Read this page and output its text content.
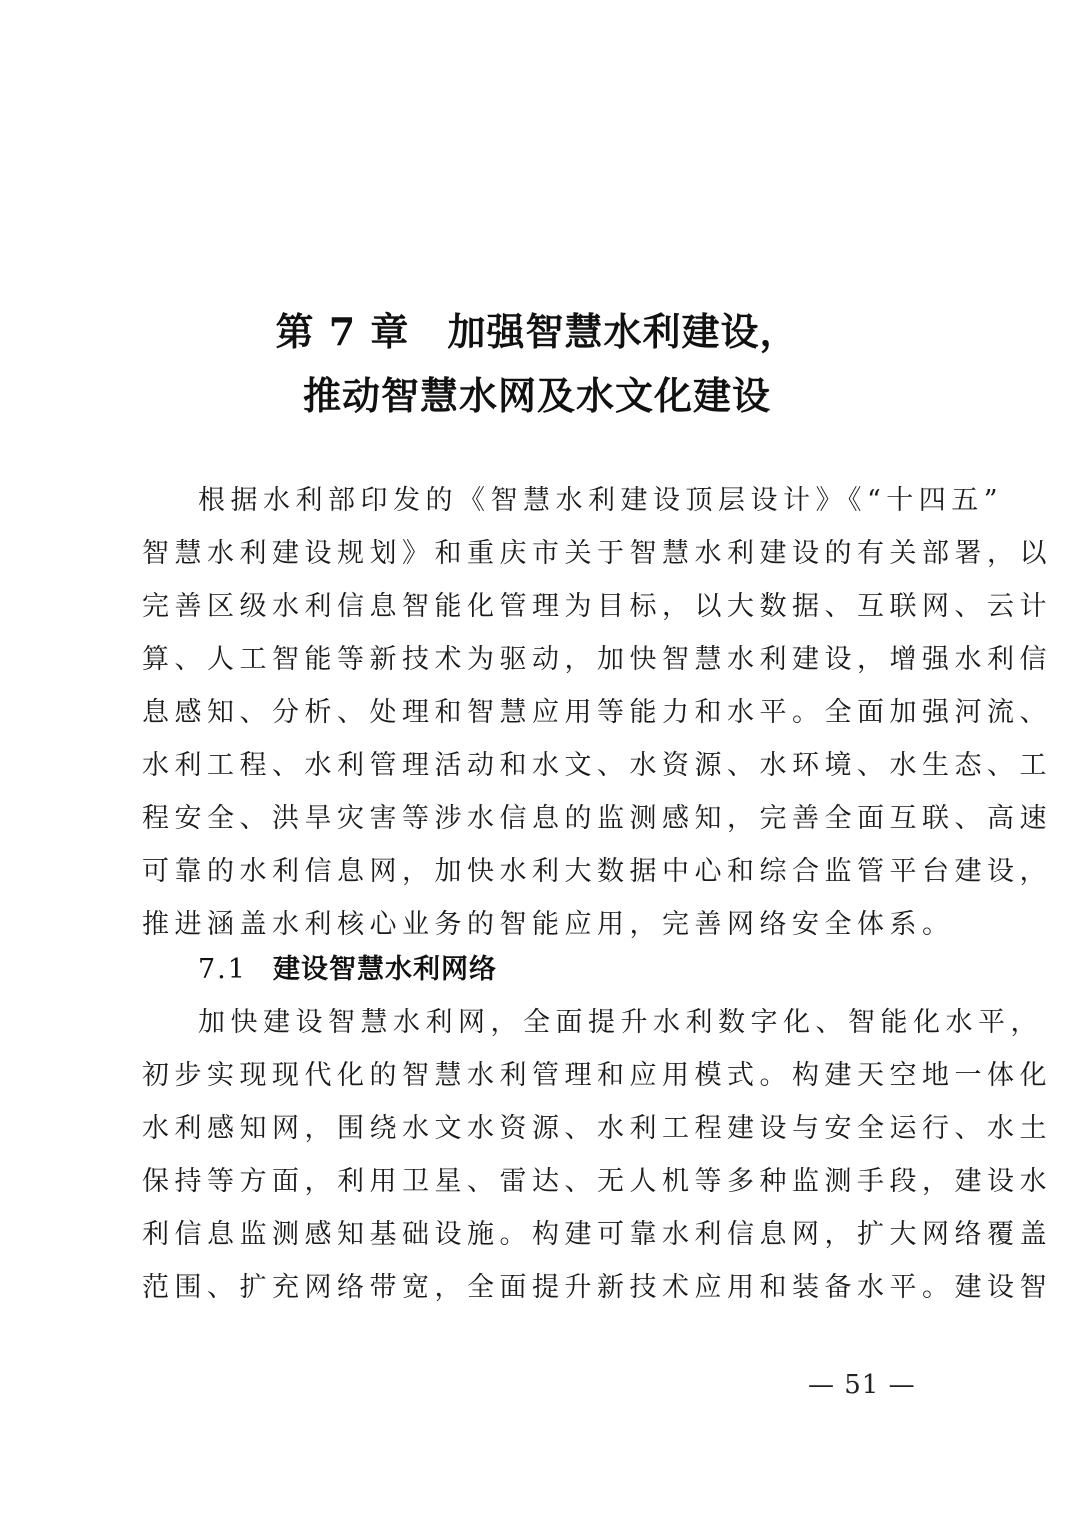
第 7 章 加强智慧水利建设，
推动智慧水网及水文化建设
根据水利部印发的《智慧水利建设顶层设计》《“十四五”
智慧水利建设规划》和重庆市关于智慧水利建设的有关部署，以
完善区级水利信息智能化管理为目标，以大数据、互联网、云计
算、人工智能等新技术为驱动，加快智慧水利建设，增强水利信
息感知、分析、处理和智慧应用等能力和水平。全面加强河流、
水利工程、水利管理活动和水文、水资源、水环境、水生态、工
程安全、洪旱灾害等涉水信息的监测感知，完善全面互联、高速
可靠的水利信息网，加快水利大数据中心和综合监管平台建设，
推进涵盖水利核心业务的智能应用，完善网络安全体系。
7.1 建设智慧水利网络
加快建设智慧水利网，全面提升水利数字化、智能化水平，
初步实现现代化的智慧水利管理和应用模式。构建天空地一体化
水利感知网，围绕水文水资源、水利工程建设与安全运行、水土
保持等方面，利用卫星、雷达、无人机等多种监测手段，建设水
利信息监测感知基础设施。构建可靠水利信息网，扩大网络覆盖
范围、扩充网络带宽，全面提升新技术应用和装备水平。建设智
— 51 —
